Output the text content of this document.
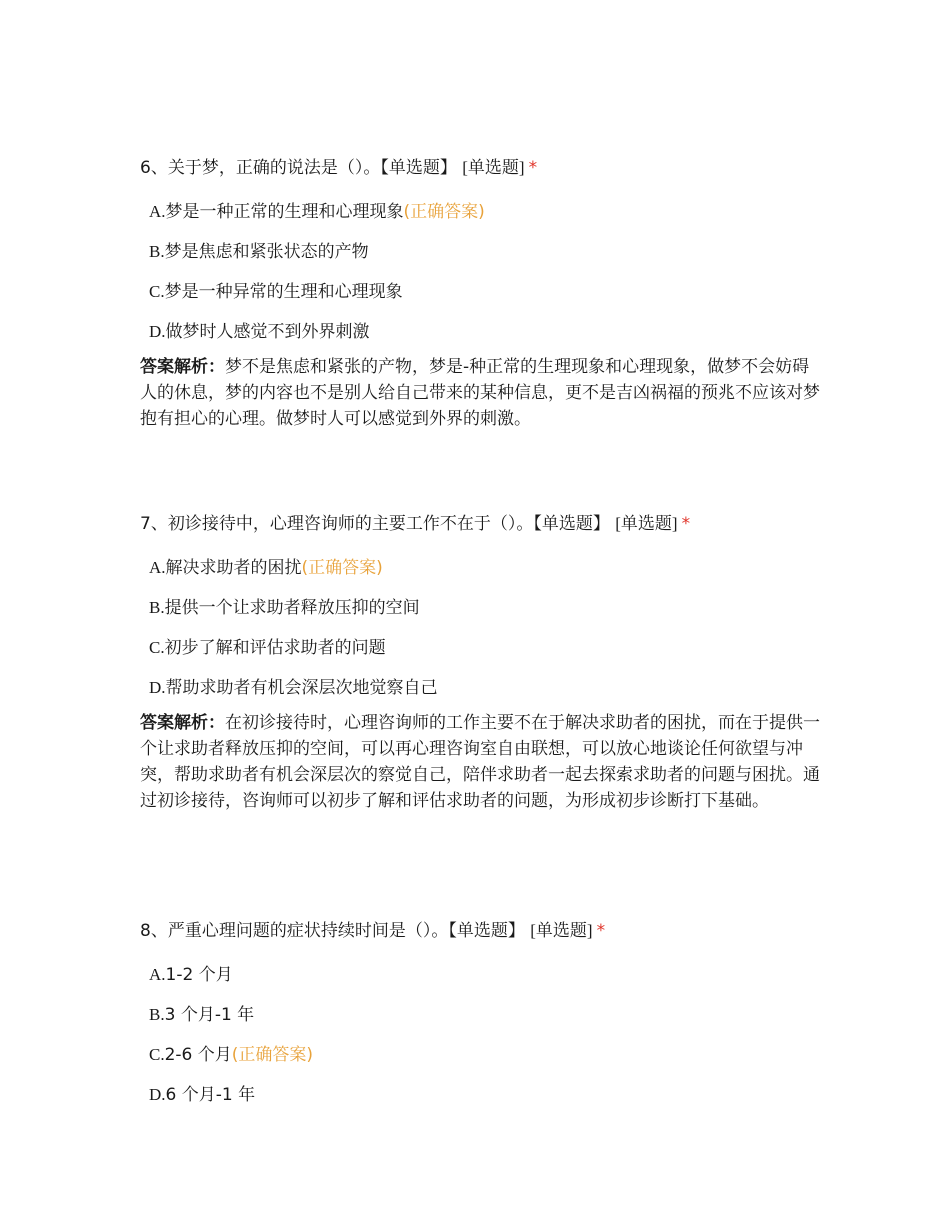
6、关于梦，正确的说法是（）。【单选题】 [单选题] *
A.梦是一种正常的生理和心理现象(正确答案)
B.梦是焦虑和紧张状态的产物
C.梦是一种异常的生理和心理现象
D.做梦时人感觉不到外界刺激
答案解析：梦不是焦虑和紧张的产物，梦是-种正常的生理现象和心理现象，做梦不会妨碍人的休息，梦的内容也不是别人给自己带来的某种信息，更不是吉凶祸福的预兆不应该对梦抱有担心的心理。做梦时人可以感觉到外界的刺激。
7、初诊接待中，心理咨询师的主要工作不在于（）。【单选题】 [单选题] *
A.解决求助者的困扰(正确答案)
B.提供一个让求助者释放压抑的空间
C.初步了解和评估求助者的问题
D.帮助求助者有机会深层次地觉察自己
答案解析：在初诊接待时，心理咨询师的工作主要不在于解决求助者的困扰，而在于提供一个让求助者释放压抑的空间，可以再心理咨询室自由联想，可以放心地谈论任何欲望与冲突，帮助求助者有机会深层次的察觉自己，陪伴求助者一起去探索求助者的问题与困扰。通过初诊接待，咨询师可以初步了解和评估求助者的问题，为形成初步诊断打下基础。
8、严重心理问题的症状持续时间是（）。【单选题】 [单选题] *
A.1-2 个月
B.3 个月-1 年
C.2-6 个月(正确答案)
D.6 个月-1 年
